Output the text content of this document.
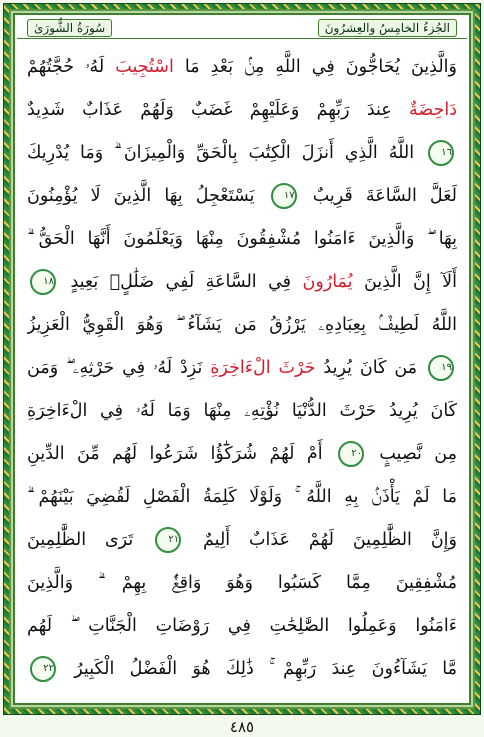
سُورَةُ الشُّورَىٰ	الجُزءُ الخامِسُ والعِشرُونَ
وَالَّذِينَ يُحَاجُّونَ فِي اللَّهِ مِنۢ بَعْدِ مَا اسْتُجِيبَ لَهُۥ حُجَّتُهُمْ
دَاحِضَةٌ عِندَ رَبِّهِمْ وَعَلَيْهِمْ غَضَبٌ وَلَهُمْ عَذَابٌ شَدِيدٌ
١٦ اللَّهُ الَّذِي أَنزَلَ الْكِتَٰبَ بِالْحَقِّ وَالْمِيزَانَ ۗ وَمَا يُدْرِيكَ
لَعَلَّ السَّاعَةَ قَرِيبٌ ١٧ يَسْتَعْجِلُ بِهَا الَّذِينَ لَا يُؤْمِنُونَ
بِهَا ۖ وَالَّذِينَ ءَامَنُوا مُشْفِقُونَ مِنْهَا وَيَعْلَمُونَ أَنَّهَا الْحَقُّ ۗ
أَلَآ إِنَّ الَّذِينَ يُمَارُونَ فِي السَّاعَةِ لَفِي ضَلَٰلٍۭ بَعِيدٍ ١٨
اللَّهُ لَطِيفٌۢ بِعِبَادِهِۦ يَرْزُقُ مَن يَشَآءُ ۖ وَهُوَ الْقَوِيُّ الْعَزِيزُ
١٩ مَن كَانَ يُرِيدُ حَرْثَ الْءَاخِرَةِ نَزِدْ لَهُۥ فِي حَرْثِهِۦ ۖ وَمَن
كَانَ يُرِيدُ حَرْثَ الدُّنْيَا نُؤْتِهِۦ مِنْهَا وَمَا لَهُۥ فِي الْءَاخِرَةِ
مِن نَّصِيبٍ ٢٠ أَمْ لَهُمْ شُرَكَٰٓؤُا شَرَعُوا لَهُم مِّنَ الدِّينِ
مَا لَمْ يَأْذَنۢ بِهِ اللَّهُ ۚ وَلَوْلَا كَلِمَةُ الْفَصْلِ لَقُضِيَ بَيْنَهُمْ ۗ
وَإِنَّ الظَّٰلِمِينَ لَهُمْ عَذَابٌ أَلِيمٌ ٢١ تَرَى الظَّٰلِمِينَ
مُشْفِقِينَ مِمَّا كَسَبُوا وَهُوَ وَاقِعٌۢ بِهِمْ ۗ وَالَّذِينَ
ءَامَنُوا وَعَمِلُوا الصَّٰلِحَٰتِ فِي رَوْضَاتِ الْجَنَّاتِ ۖ لَهُم
مَّا يَشَآءُونَ عِندَ رَبِّهِمْ ۚ ذَٰلِكَ هُوَ الْفَضْلُ الْكَبِيرُ ٢٢
٤٨٥
